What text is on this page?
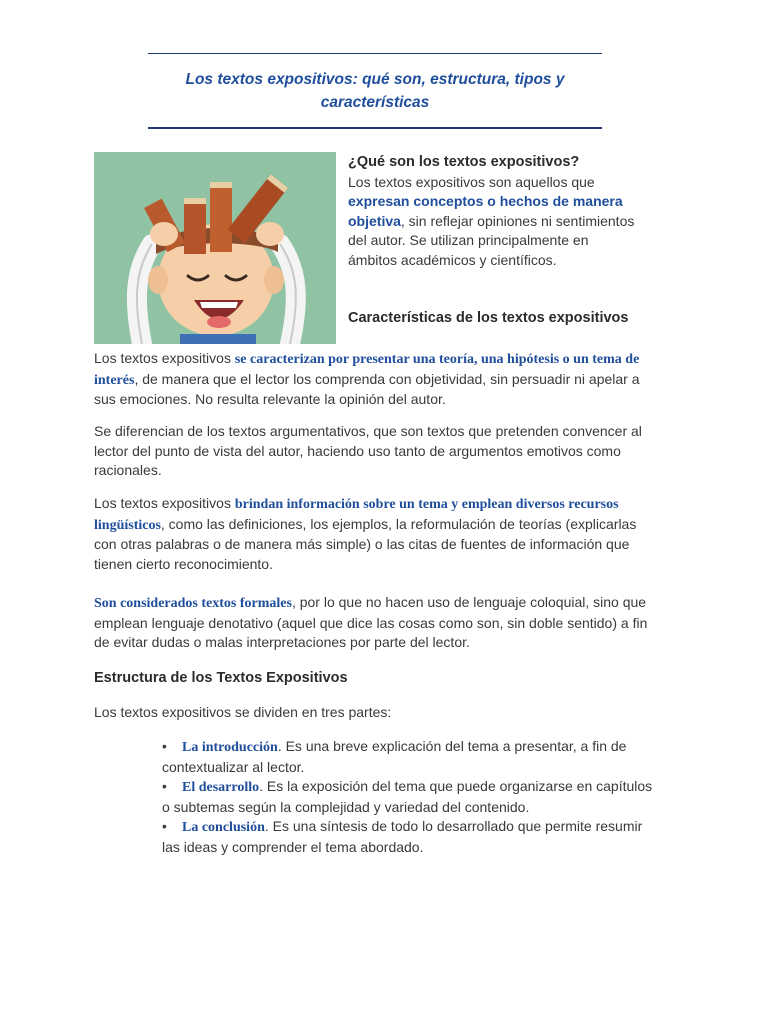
Los textos expositivos: qué son, estructura, tipos y
características
¿Qué son los textos expositivos?
Los textos expositivos son aquellos que expresan conceptos o hechos de manera objetiva, sin reflejar opiniones ni sentimientos del autor. Se utilizan principalmente en ámbitos académicos y científicos.
Características de los textos expositivos

Los textos expositivos se caracterizan por presentar una teoría, una hipótesis o un tema de interés, de manera que el lector los comprenda con objetividad, sin persuadir ni apelar a sus emociones. No resulta relevante la opinión del autor.

Se diferencian de los textos argumentativos, que son textos que pretenden convencer al lector del punto de vista del autor, haciendo uso tanto de argumentos emotivos como racionales.

Los textos expositivos brindan información sobre un tema y emplean diversos recursos lingüísticos, como las definiciones, los ejemplos, la reformulación de teorías (explicarlas con otras palabras o de manera más simple) o las citas de fuentes de información que tienen cierto reconocimiento.

Son considerados textos formales, por lo que no hacen uso de lenguaje coloquial, sino que emplean lenguaje denotativo (aquel que dice las cosas como son, sin doble sentido) a fin de evitar dudas o malas interpretaciones por parte del lector.

Estructura de los Textos Expositivos

Los textos expositivos se dividen en tres partes:

• La introducción. Es una breve explicación del tema a presentar, a fin de contextualizar al lector.
• El desarrollo. Es la exposición del tema que puede organizarse en capítulos o subtemas según la complejidad y variedad del contenido.
• La conclusión. Es una síntesis de todo lo desarrollado que permite resumir las ideas y comprender el tema abordado.
